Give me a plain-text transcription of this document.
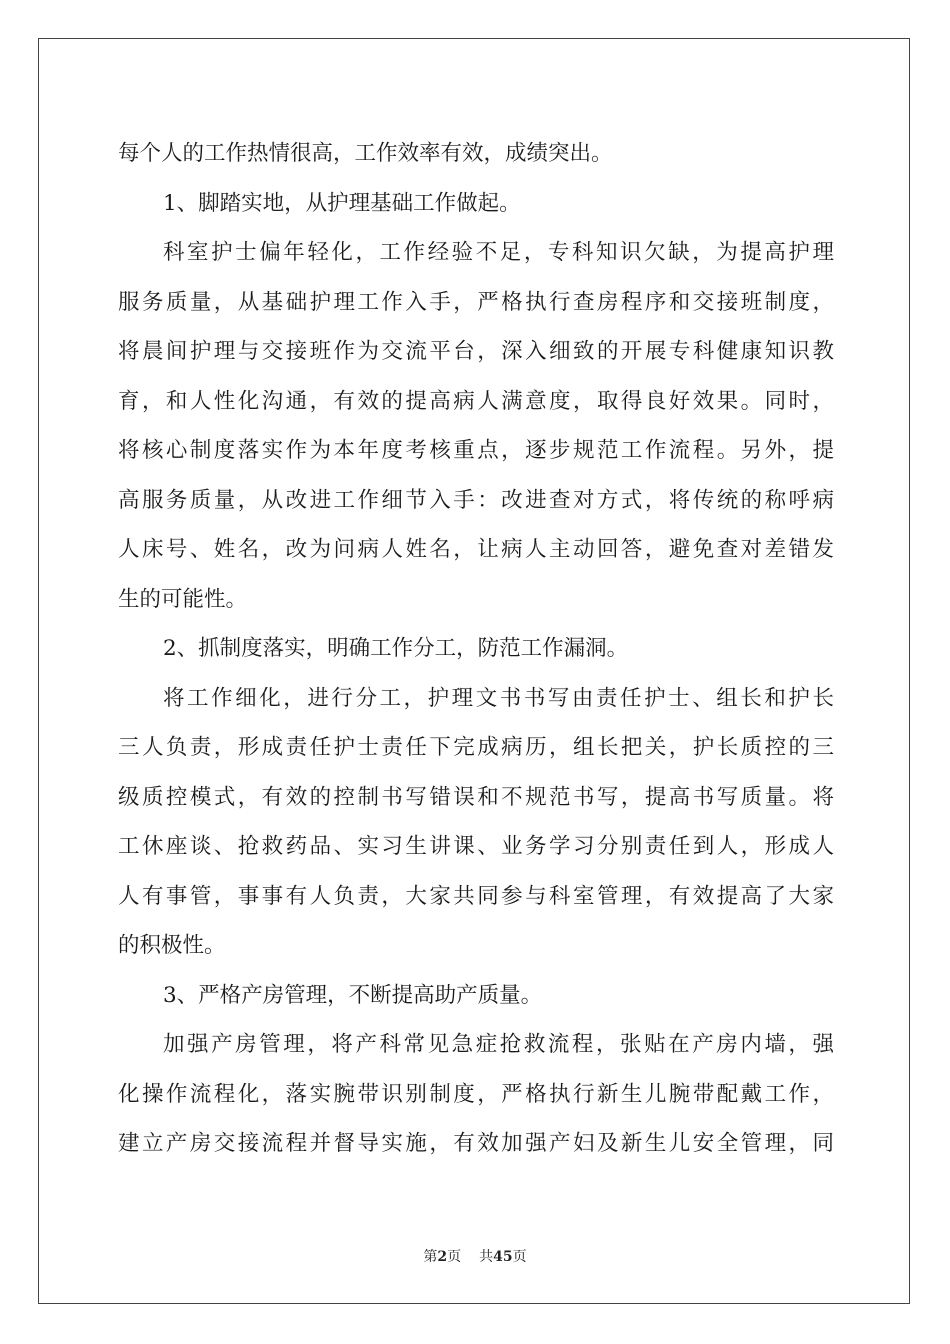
每个人的工作热情很高，工作效率有效，成绩突出。
1、脚踏实地，从护理基础工作做起。
科室护士偏年轻化，工作经验不足，专科知识欠缺，为提高护理
服务质量，从基础护理工作入手，严格执行查房程序和交接班制度，
将晨间护理与交接班作为交流平台，深入细致的开展专科健康知识教
育，和人性化沟通，有效的提高病人满意度，取得良好效果。同时，
将核心制度落实作为本年度考核重点，逐步规范工作流程。另外，提
高服务质量，从改进工作细节入手：改进查对方式，将传统的称呼病
人床号、姓名，改为问病人姓名，让病人主动回答，避免查对差错发
生的可能性。
2、抓制度落实，明确工作分工，防范工作漏洞。
将工作细化，进行分工，护理文书书写由责任护士、组长和护长
三人负责，形成责任护士责任下完成病历，组长把关，护长质控的三
级质控模式，有效的控制书写错误和不规范书写，提高书写质量。将
工休座谈、抢救药品、实习生讲课、业务学习分别责任到人，形成人
人有事管，事事有人负责，大家共同参与科室管理，有效提高了大家
的积极性。
3、严格产房管理，不断提高助产质量。
加强产房管理，将产科常见急症抢救流程，张贴在产房内墙，强
化操作流程化，落实腕带识别制度，严格执行新生儿腕带配戴工作，
建立产房交接流程并督导实施，有效加强产妇及新生儿安全管理，同
第2页 共45页
